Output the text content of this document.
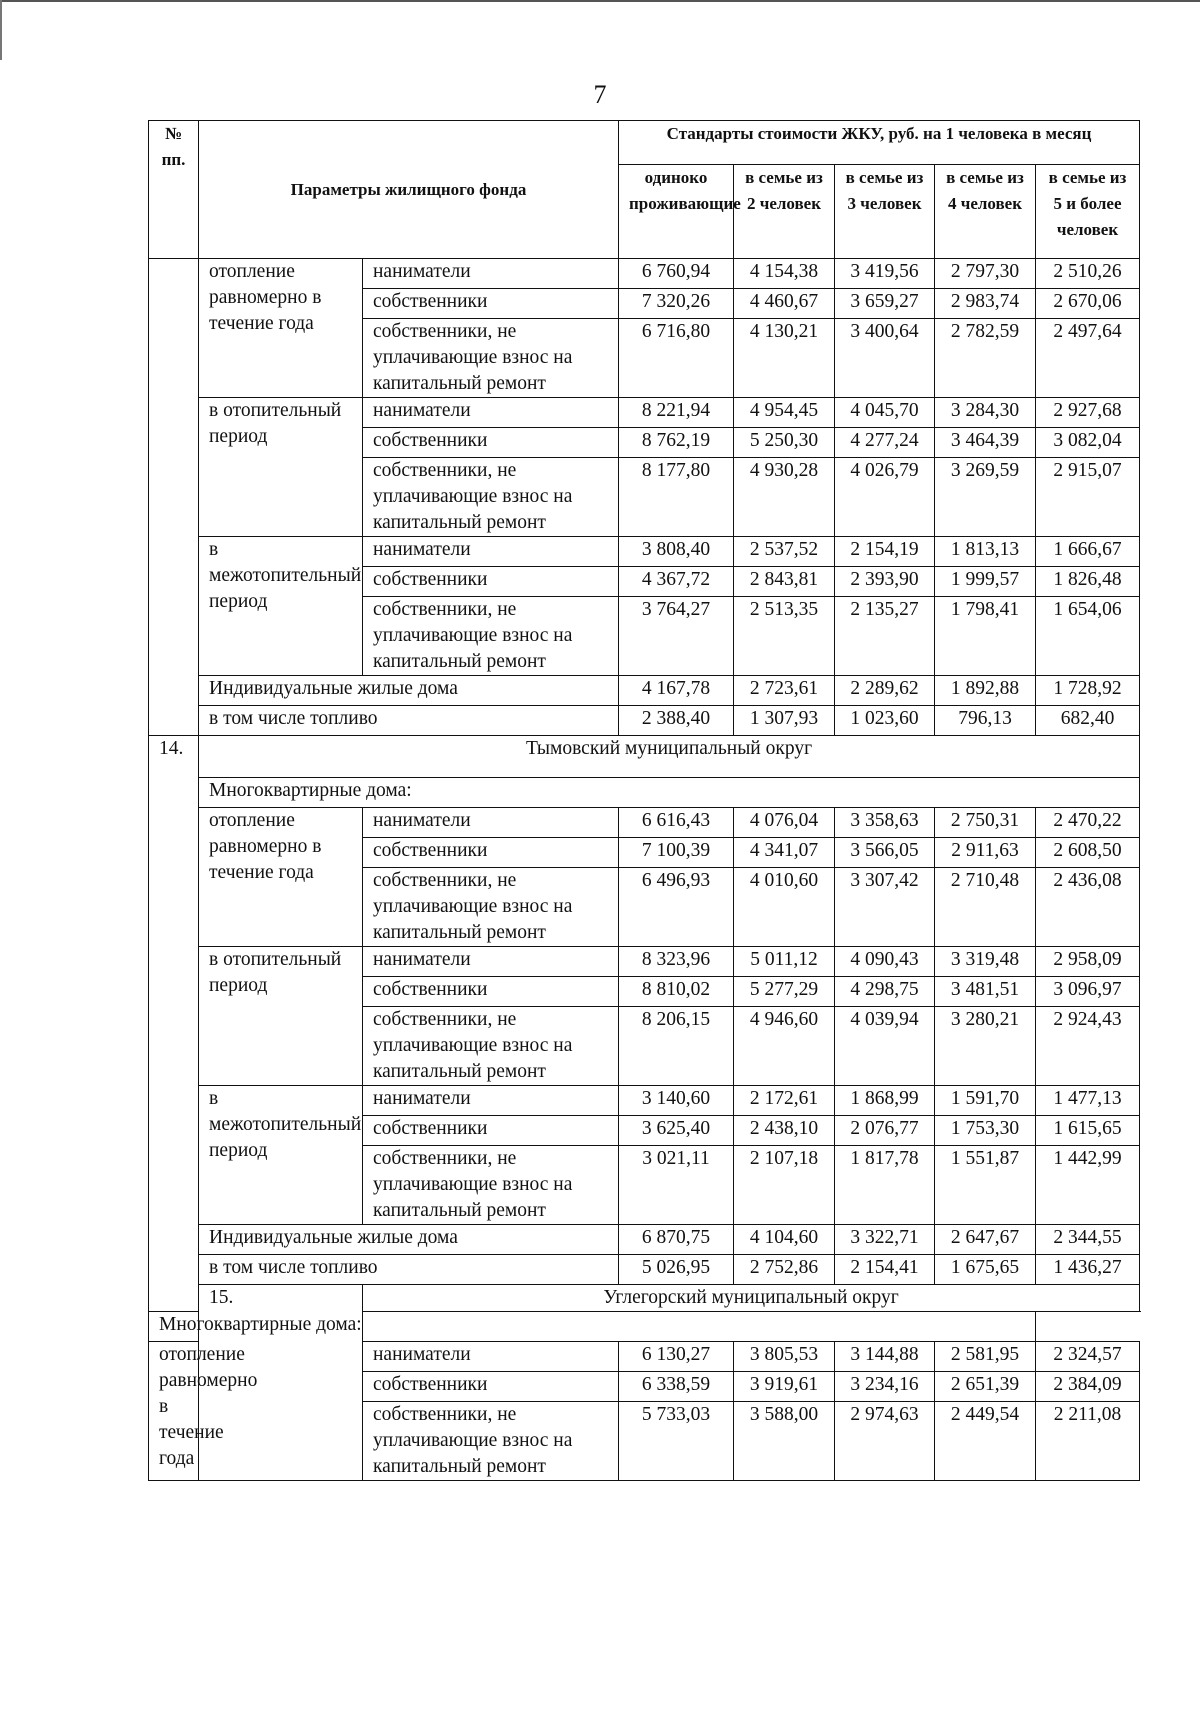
7
№ пп.	Параметры жилищного фонда		Стандарты стоимости ЖКУ, руб. на 1 человека в месяц				
			одиноко проживающие	в семье из 2 человек	в семье из 3 человек	в семье из 4 человек	в семье из 5 и более человек
	отопление равномерно в течение года	наниматели	6 760,94	4 154,38	3 419,56	2 797,30	2 510,26
		собственники	7 320,26	4 460,67	3 659,27	2 983,74	2 670,06
		собственники, не уплачивающие взнос на капитальный ремонт	6 716,80	4 130,21	3 400,64	2 782,59	2 497,64
	в отопительный период	наниматели	8 221,94	4 954,45	4 045,70	3 284,30	2 927,68
		собственники	8 762,19	5 250,30	4 277,24	3 464,39	3 082,04
		собственники, не уплачивающие взнос на капитальный ремонт	8 177,80	4 930,28	4 026,79	3 269,59	2 915,07
	в межотопительный период	наниматели	3 808,40	2 537,52	2 154,19	1 813,13	1 666,67
		собственники	4 367,72	2 843,81	2 393,90	1 999,57	1 826,48
		собственники, не уплачивающие взнос на капитальный ремонт	3 764,27	2 513,35	2 135,27	1 798,41	1 654,06
	Индивидуальные жилые дома		4 167,78	2 723,61	2 289,62	1 892,88	1 728,92
	в том числе топливо		2 388,40	1 307,93	1 023,60	796,13	682,40
14.	Тымовский муниципальный округ						
	Многоквартирные дома:						
	отопление равномерно в течение года	наниматели	6 616,43	4 076,04	3 358,63	2 750,31	2 470,22
		собственники	7 100,39	4 341,07	3 566,05	2 911,63	2 608,50
		собственники, не уплачивающие взнос на капитальный ремонт	6 496,93	4 010,60	3 307,42	2 710,48	2 436,08
	в отопительный период	наниматели	8 323,96	5 011,12	4 090,43	3 319,48	2 958,09
		собственники	8 810,02	5 277,29	4 298,75	3 481,51	3 096,97
		собственники, не уплачивающие взнос на капитальный ремонт	8 206,15	4 946,60	4 039,94	3 280,21	2 924,43
	в межотопительный период	наниматели	3 140,60	2 172,61	1 868,99	1 591,70	1 477,13
		собственники	3 625,40	2 438,10	2 076,77	1 753,30	1 615,65
		собственники, не уплачивающие взнос на капитальный ремонт	3 021,11	2 107,18	1 817,78	1 551,87	1 442,99
	Индивидуальные жилые дома		6 870,75	4 104,60	3 322,71	2 647,67	2 344,55
	в том числе топливо		5 026,95	2 752,86	2 154,41	1 675,65	1 436,27
	15.	Углегорский муниципальный округ					
Многоквартирные дома:							
отопление равномерно в течение года		наниматели	6 130,27	3 805,53	3 144,88	2 581,95	2 324,57
		собственники	6 338,59	3 919,61	3 234,16	2 651,39	2 384,09
		собственники, не уплачивающие взнос на капитальный ремонт	5 733,03	3 588,00	2 974,63	2 449,54	2 211,08
